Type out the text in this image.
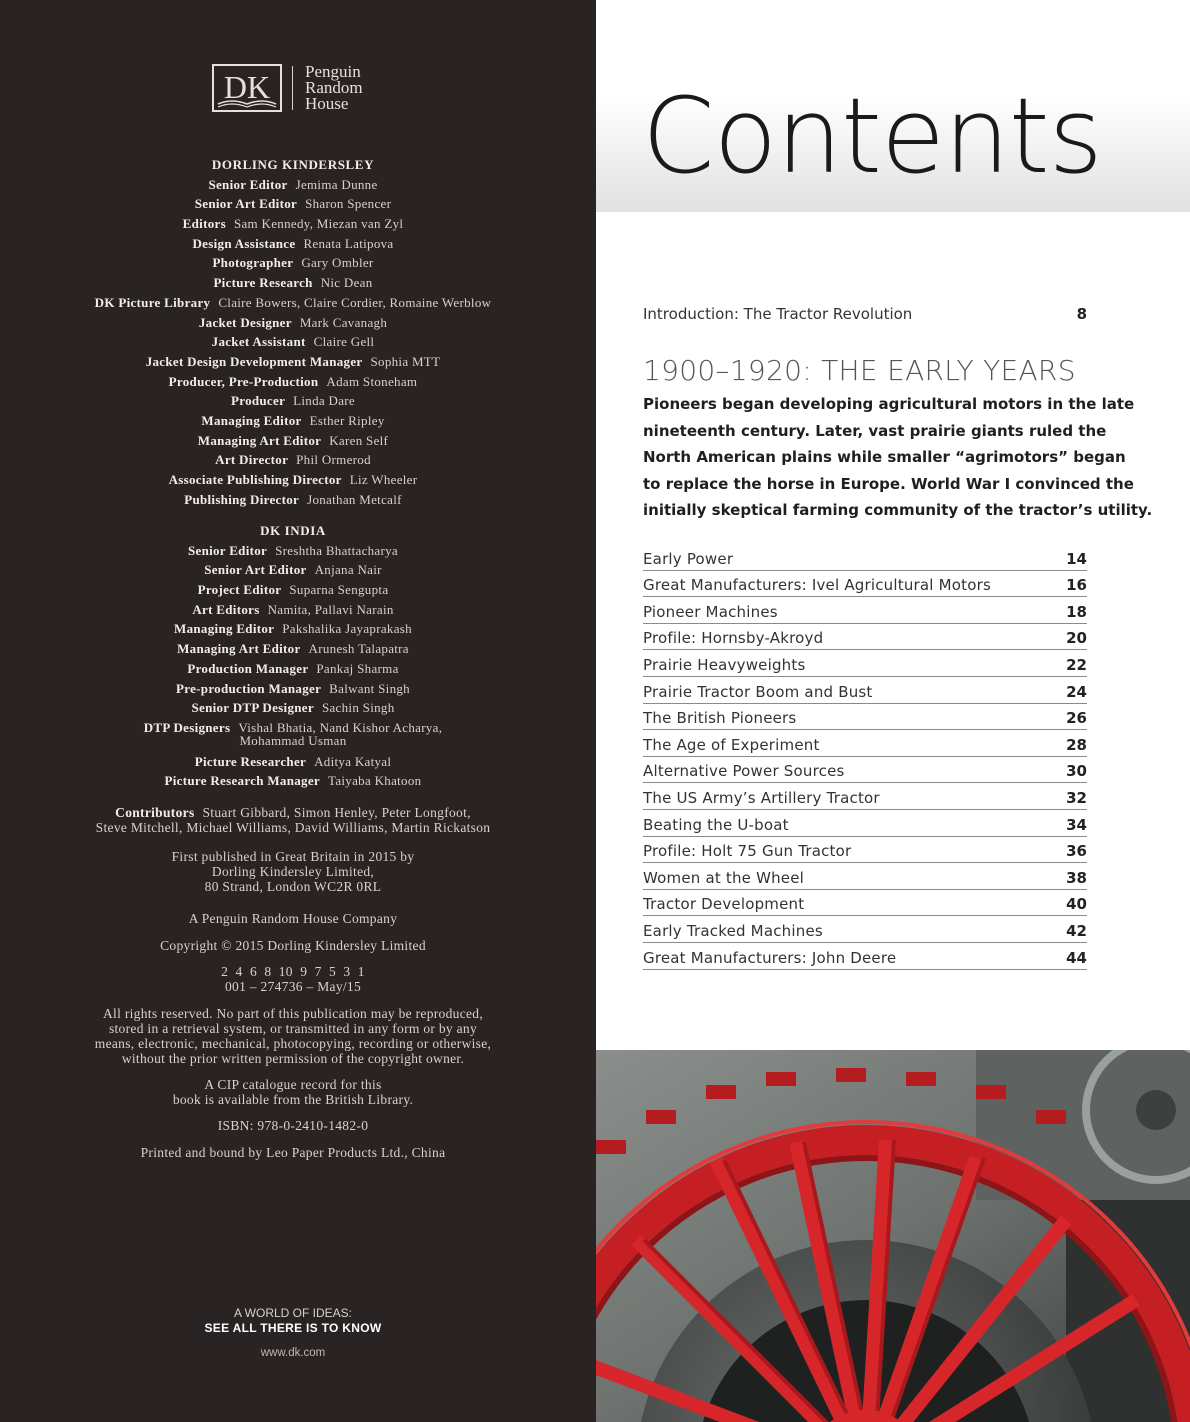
DK Penguin
Random
House
DORLING KINDERSLEY
Senior Editor Jemima Dunne
Senior Art Editor Sharon Spencer
Editors Sam Kennedy, Miezan van Zyl
Design Assistance Renata Latipova
Photographer Gary Ombler
Picture Research Nic Dean
DK Picture Library Claire Bowers, Claire Cordier, Romaine Werblow
Jacket Designer Mark Cavanagh
Jacket Assistant Claire Gell
Jacket Design Development Manager Sophia MTT
Producer, Pre-Production Adam Stoneham
Producer Linda Dare
Managing Editor Esther Ripley
Managing Art Editor Karen Self
Art Director Phil Ormerod
Associate Publishing Director Liz Wheeler
Publishing Director Jonathan Metcalf
DK INDIA
Senior Editor Sreshtha Bhattacharya
Senior Art Editor Anjana Nair
Project Editor Suparna Sengupta
Art Editors Namita, Pallavi Narain
Managing Editor Pakshalika Jayaprakash
Managing Art Editor Arunesh Talapatra
Production Manager Pankaj Sharma
Pre-production Manager Balwant Singh
Senior DTP Designer Sachin Singh
DTP Designers Vishal Bhatia, Nand Kishor Acharya,
Mohammad Usman
Picture Researcher Aditya Katyal
Picture Research Manager Taiyaba Khatoon
Contributors Stuart Gibbard, Simon Henley, Peter Longfoot,
Steve Mitchell, Michael Williams, David Williams, Martin Rickatson
First published in Great Britain in 2015 by
Dorling Kindersley Limited,
80 Strand, London WC2R 0RL
A Penguin Random House Company
Copyright © 2015 Dorling Kindersley Limited
2  4  6  8  10  9  7  5  3  1
001 – 274736 – May/15
All rights reserved. No part of this publication may be reproduced,
stored in a retrieval system, or transmitted in any form or by any
means, electronic, mechanical, photocopying, recording or otherwise,
without the prior written permission of the copyright owner.
A CIP catalogue record for this
book is available from the British Library.
ISBN: 978-0-2410-1482-0
Printed and bound by Leo Paper Products Ltd., China
A WORLD OF IDEAS:
SEE ALL THERE IS TO KNOW
www.dk.com
Contents
Introduction: The Tractor Revolution	8
1900–1920: THE EARLY YEARS
Pioneers began developing agricultural motors in the late
nineteenth century. Later, vast prairie giants ruled the
North American plains while smaller “agrimotors” began
to replace the horse in Europe. World War I convinced the
initially skeptical farming community of the tractor’s utility.
Early Power	14
Great Manufacturers: Ivel Agricultural Motors	16
Pioneer Machines	18
Profile: Hornsby-Akroyd	20
Prairie Heavyweights	22
Prairie Tractor Boom and Bust	24
The British Pioneers	26
The Age of Experiment	28
Alternative Power Sources	30
The US Army’s Artillery Tractor	32
Beating the U-boat	34
Profile: Holt 75 Gun Tractor	36
Women at the Wheel	38
Tractor Development	40
Early Tracked Machines	42
Great Manufacturers: John Deere	44
